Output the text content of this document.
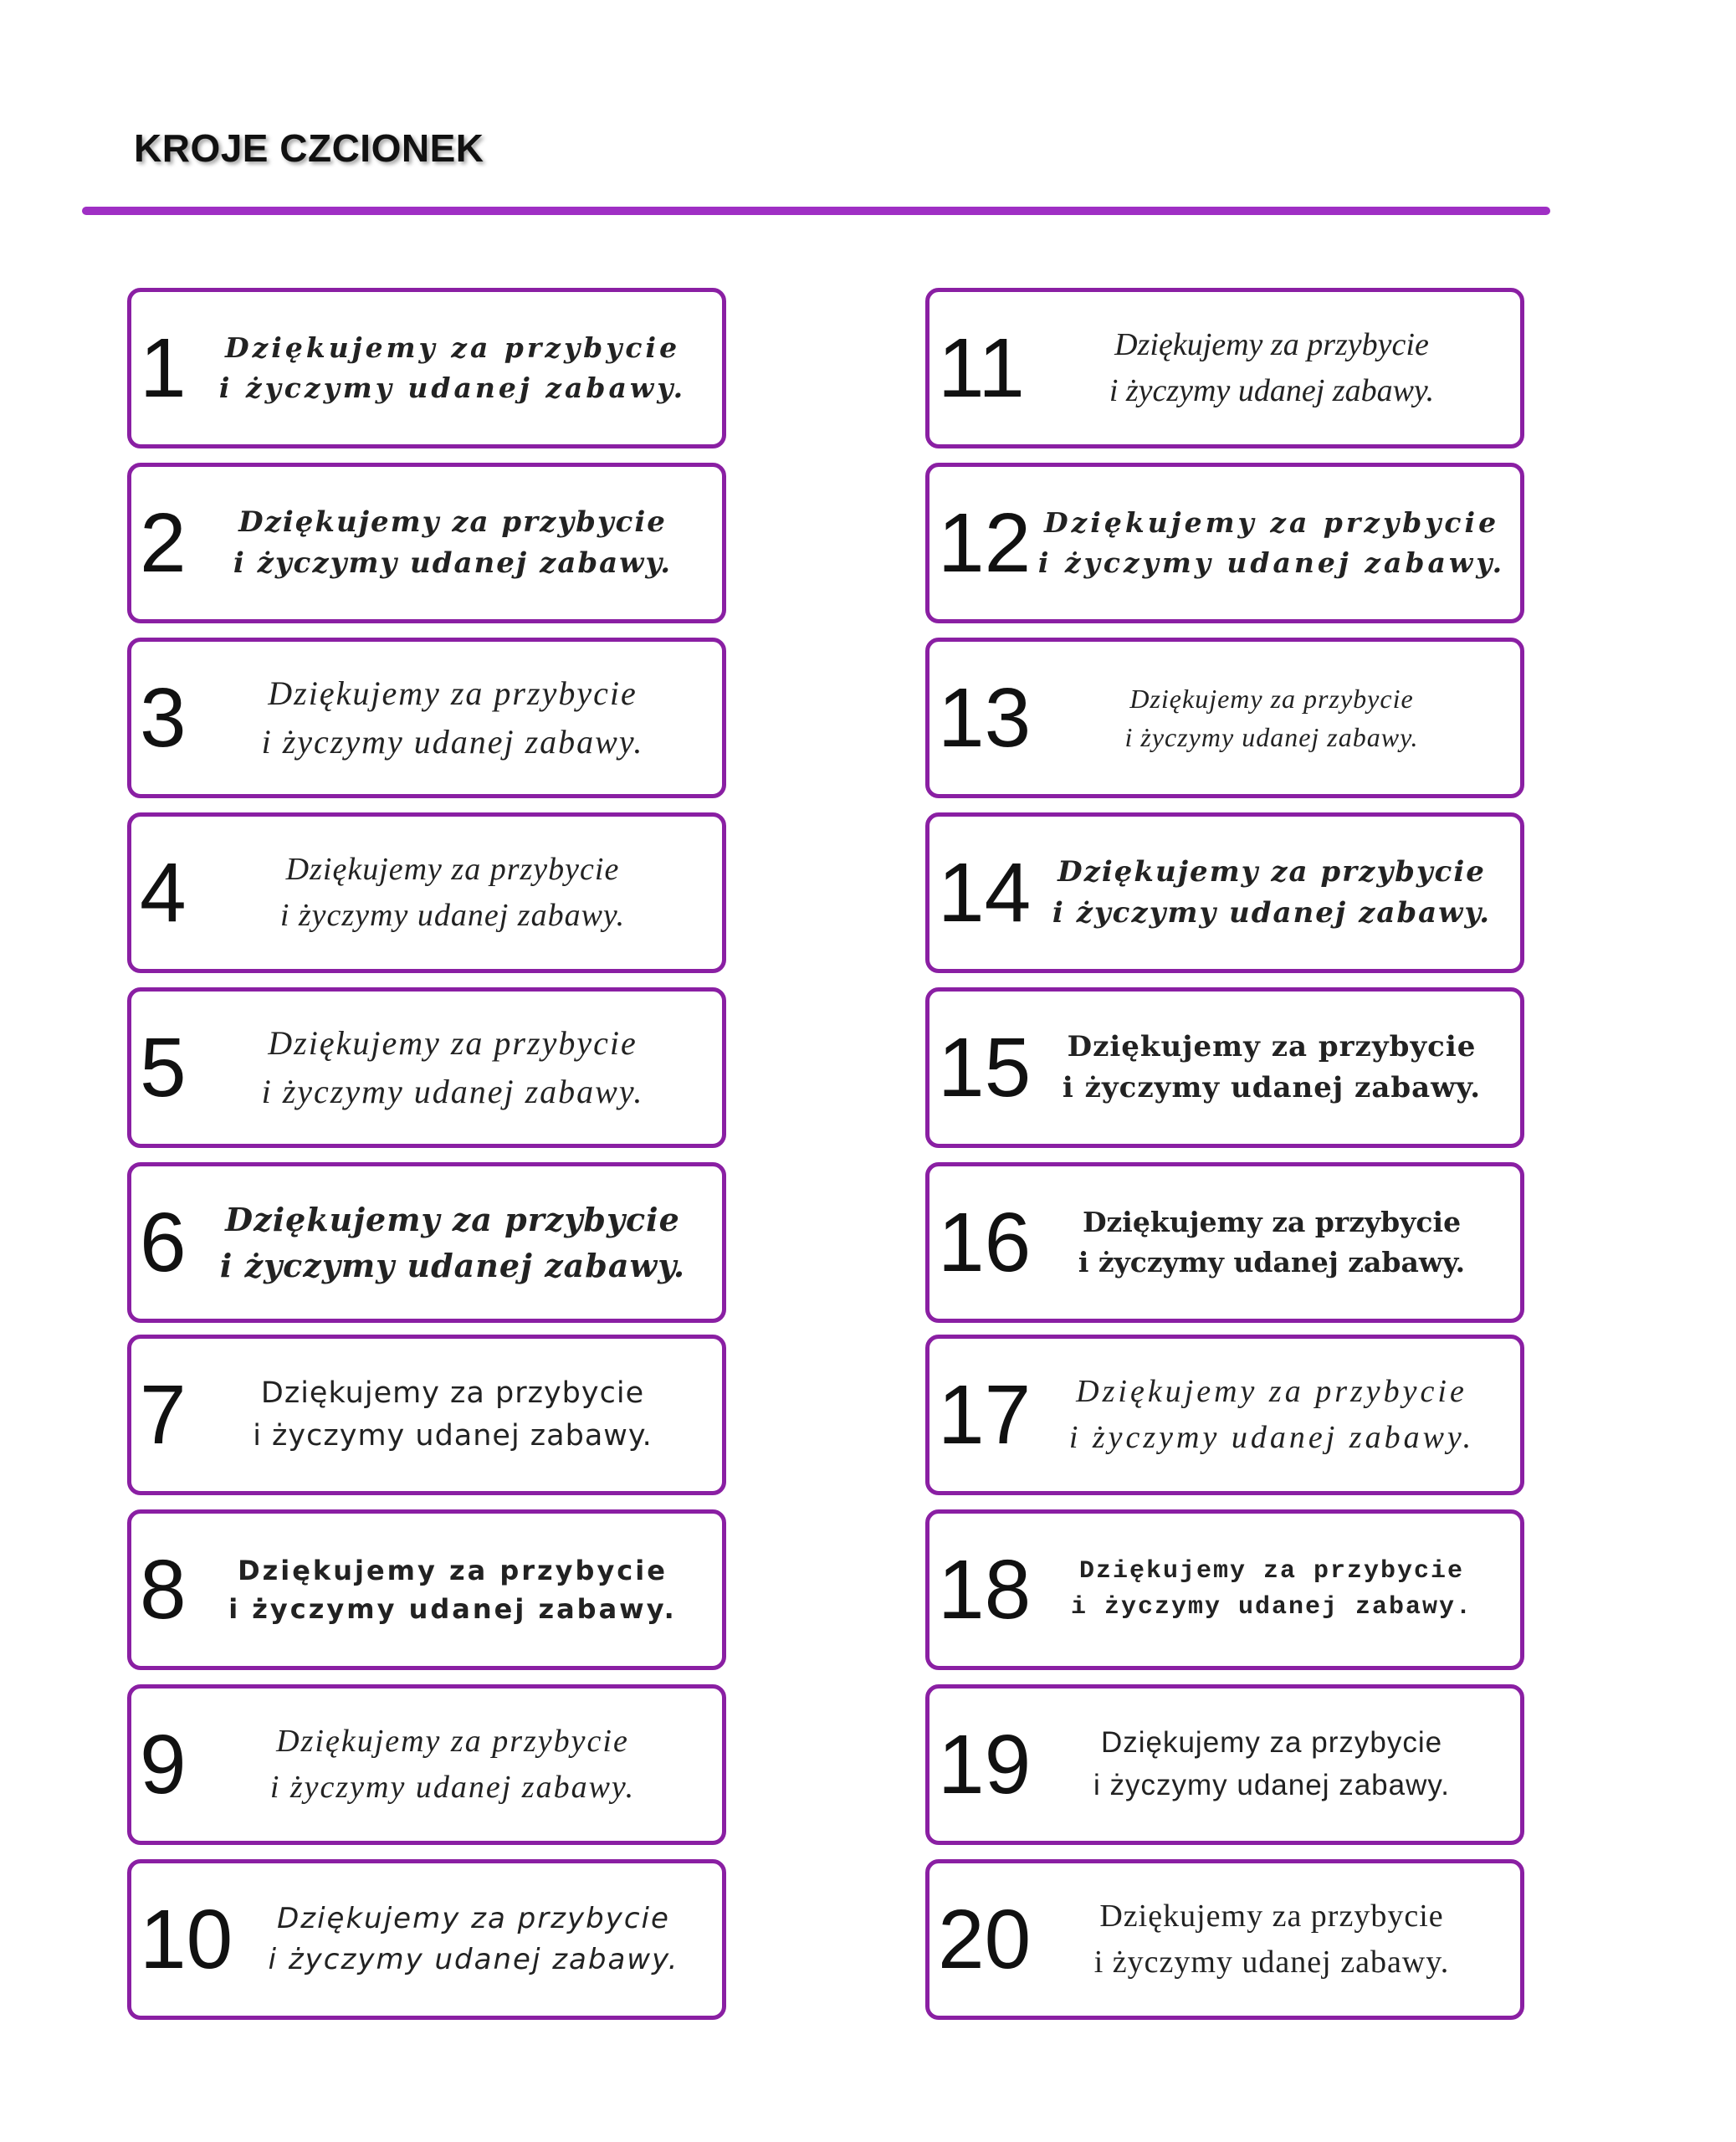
KROJE CZCIONEK
1 Dziękujemy za przybycie
i życzymy udanej zabawy.
2 Dziękujemy za przybycie
i życzymy udanej zabawy.
3 Dziękujemy za przybycie
i życzymy udanej zabawy.
4	Dziękujemy za przybycie
i życzymy udanej zabawy.
5 Dziękujemy za przybycie
i życzymy udanej zabawy.
6 Dziękujemy za przybycie
i życzymy udanej zabawy.
7	Dziękujemy za przybycie
i życzymy udanej zabawy.
8 Dziękujemy za przybycie
i życzymy udanej zabawy.
9	Dziękujemy za przybycie
i życzymy udanej zabawy.
10 Dziękujemy za przybycie
i życzymy udanej zabawy.
11	Dziękujemy za przybycie
i życzymy udanej zabawy.
12 Dziękujemy za przybycie
i życzymy udanej zabawy.
13	Dziękujemy za przybycie
i życzymy udanej zabawy.
14 Dziękujemy za przybycie
i życzymy udanej zabawy.
15 Dziękujemy za przybycie
i życzymy udanej zabawy.
16 Dziękujemy za przybycie
i życzymy udanej zabawy.
17 Dziękujemy za przybycie
i życzymy udanej zabawy.
18 Dziękujemy za przybycie
i życzymy udanej zabawy.
19 Dziękujemy za przybycie
i życzymy udanej zabawy.
20 Dziękujemy za przybycie
i życzymy udanej zabawy.
